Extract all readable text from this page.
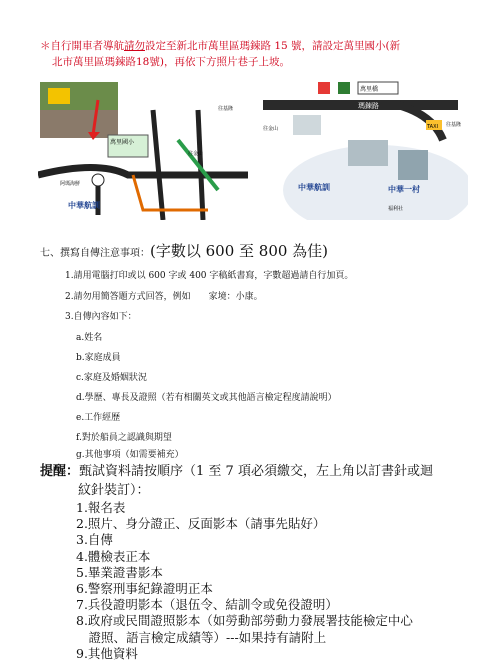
＊自行開車者導航請勿設定至新北市萬里區瑪鋉路 15 號，請設定萬里國小(新
北市萬里區瑪鋉路18號)，再依下方照片巷子上坡。
萬里國小
中華航訓
阿瑪海鮮
往金山
往基隆	瑪鋉路
萬里橋
TAXI
中華航訓	中華一村
往金山
往基隆
福利社
七、撰寫自傳注意事項：(字數以 600 至 800 為佳)
1.請用電腦打印或以 600 字或 400 字稿紙書寫，字數超過請自行加頁。
2.請勿用簡答題方式回答，例如　　家境：小康。
3.自傳內容如下：
a.姓名
b.家庭成員
c.家庭及婚姻狀況
d.學歷、專長及證照（若有相關英文或其他語言檢定程度請說明）
e.工作經歷
f.對於船員之認識與期望
g.其他事項（如需要補充）
提醒：甄試資料請按順序（1 至 7 項必須繳交，左上角以訂書針或迴
紋針裝訂）：
1.報名表
2.照片、身分證正、反面影本（請事先貼好）
3.自傳
4.體檢表正本
5.畢業證書影本
6.警察刑事紀錄證明正本
7.兵役證明影本（退伍令、結訓令或免役證明）
8.政府或民間證照影本（如勞動部勞動力發展署技能檢定中心
　證照、語言檢定成績等）---如果持有請附上
9.其他資料
